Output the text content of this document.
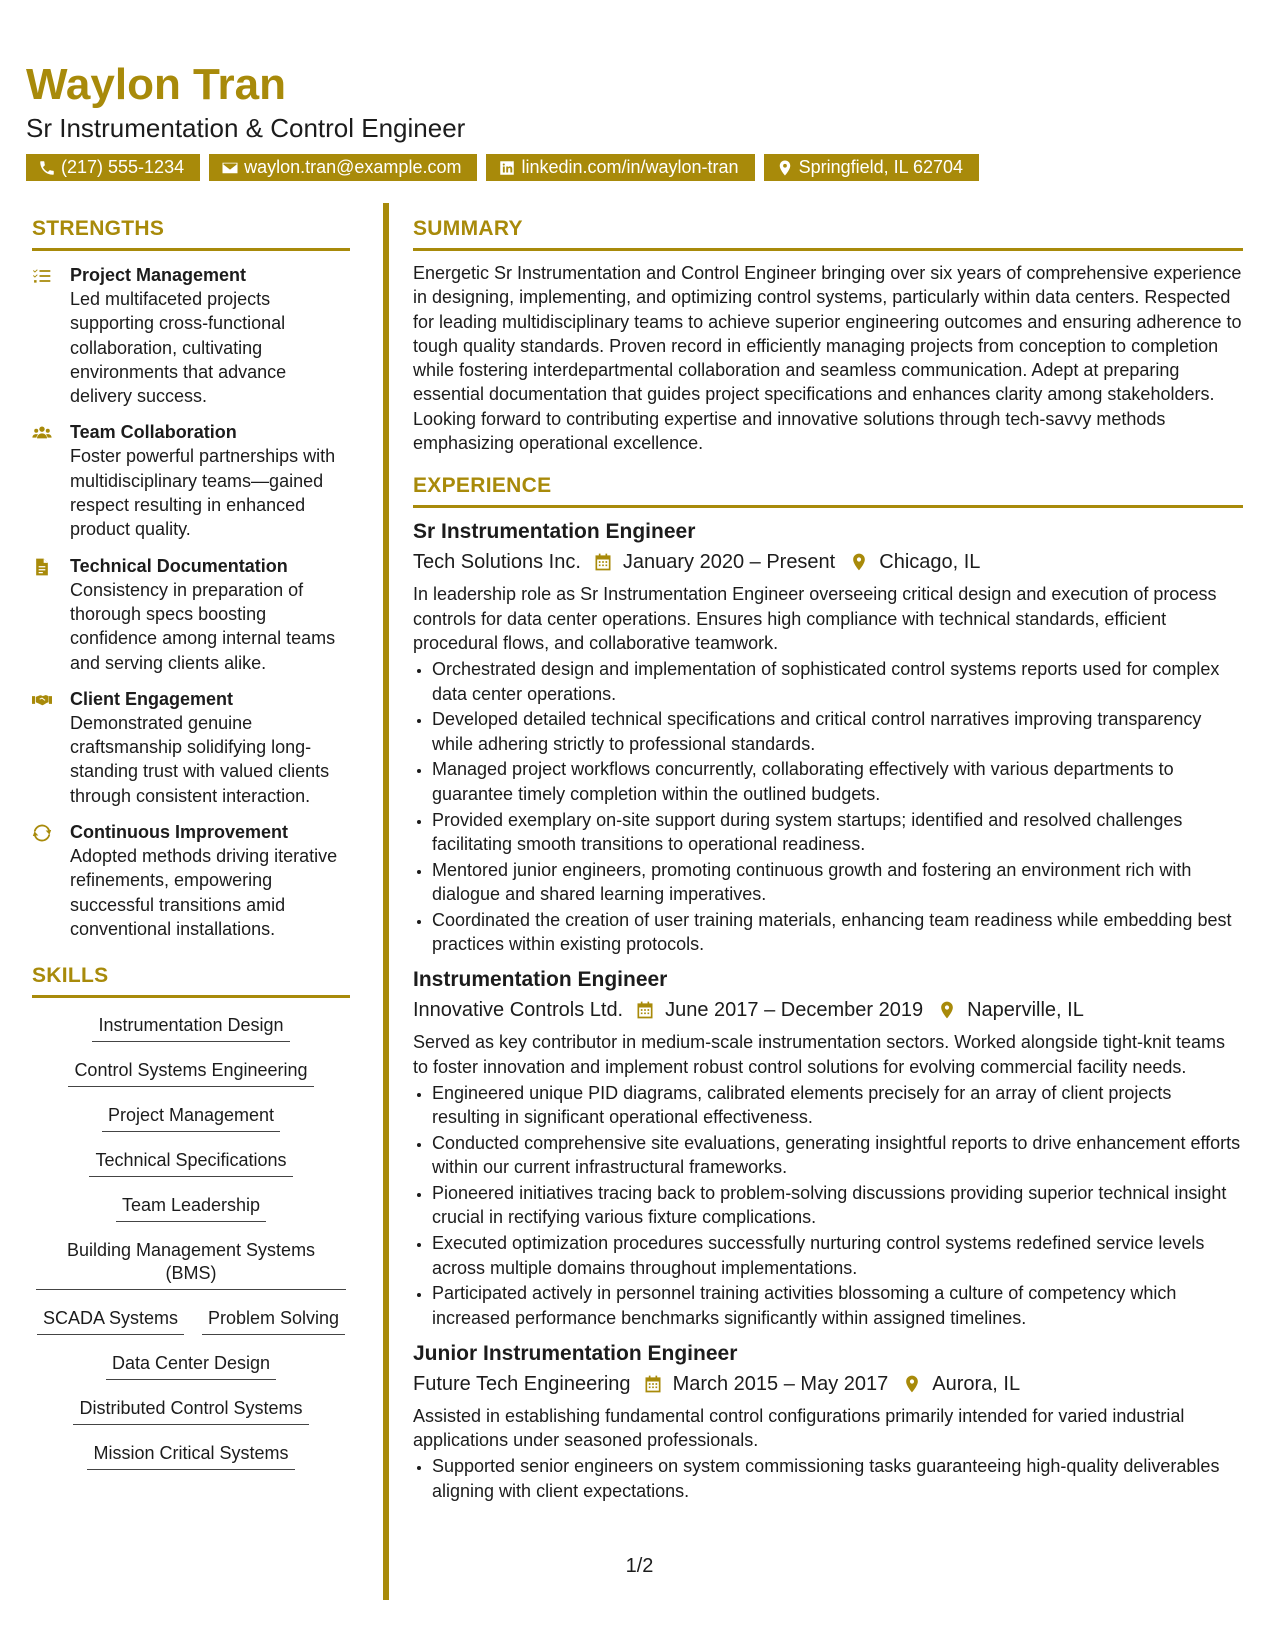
Waylon Tran
Sr Instrumentation & Control Engineer
(217) 555-1234	waylon.tran@example.com	linkedin.com/in/waylon-tran	Springfield, IL 62704
STRENGTHS
Project Management
Led multifaceted projects supporting cross-functional collaboration, cultivating environments that advance delivery success.
Team Collaboration
Foster powerful partnerships with multidisciplinary teams—gained respect resulting in enhanced product quality.
Technical Documentation
Consistency in preparation of thorough specs boosting confidence among internal teams and serving clients alike.
Client Engagement
Demonstrated genuine craftsmanship solidifying long-standing trust with valued clients through consistent interaction.
Continuous Improvement
Adopted methods driving iterative refinements, empowering successful transitions amid conventional installations.
SKILLS
Instrumentation Design
Control Systems Engineering
Project Management
Technical Specifications
Team Leadership
Building Management Systems (BMS)
SCADA Systems	Problem Solving
Data Center Design
Distributed Control Systems
Mission Critical Systems
SUMMARY
Energetic Sr Instrumentation and Control Engineer bringing over six years of comprehensive experience in designing, implementing, and optimizing control systems, particularly within data centers. Respected for leading multidisciplinary teams to achieve superior engineering outcomes and ensuring adherence to tough quality standards. Proven record in efficiently managing projects from conception to completion while fostering interdepartmental collaboration and seamless communication. Adept at preparing essential documentation that guides project specifications and enhances clarity among stakeholders. Looking forward to contributing expertise and innovative solutions through tech-savvy methods emphasizing operational excellence.
EXPERIENCE
Sr Instrumentation Engineer
Tech Solutions Inc. January 2020 – Present Chicago, IL
In leadership role as Sr Instrumentation Engineer overseeing critical design and execution of process controls for data center operations. Ensures high compliance with technical standards, efficient procedural flows, and collaborative teamwork.
• Orchestrated design and implementation of sophisticated control systems reports used for complex data center operations.
• Developed detailed technical specifications and critical control narratives improving transparency while adhering strictly to professional standards.
• Managed project workflows concurrently, collaborating effectively with various departments to guarantee timely completion within the outlined budgets.
• Provided exemplary on-site support during system startups; identified and resolved challenges facilitating smooth transitions to operational readiness.
• Mentored junior engineers, promoting continuous growth and fostering an environment rich with dialogue and shared learning imperatives.
• Coordinated the creation of user training materials, enhancing team readiness while embedding best practices within existing protocols.
Instrumentation Engineer
Innovative Controls Ltd. June 2017 – December 2019 Naperville, IL
Served as key contributor in medium-scale instrumentation sectors. Worked alongside tight-knit teams to foster innovation and implement robust control solutions for evolving commercial facility needs.
• Engineered unique PID diagrams, calibrated elements precisely for an array of client projects resulting in significant operational effectiveness.
• Conducted comprehensive site evaluations, generating insightful reports to drive enhancement efforts within our current infrastructural frameworks.
• Pioneered initiatives tracing back to problem-solving discussions providing superior technical insight crucial in rectifying various fixture complications.
• Executed optimization procedures successfully nurturing control systems redefined service levels across multiple domains throughout implementations.
• Participated actively in personnel training activities blossoming a culture of competency which increased performance benchmarks significantly within assigned timelines.
Junior Instrumentation Engineer
Future Tech Engineering March 2015 – May 2017 Aurora, IL
Assisted in establishing fundamental control configurations primarily intended for varied industrial applications under seasoned professionals.
• Supported senior engineers on system commissioning tasks guaranteeing high-quality deliverables aligning with client expectations.
1/2
